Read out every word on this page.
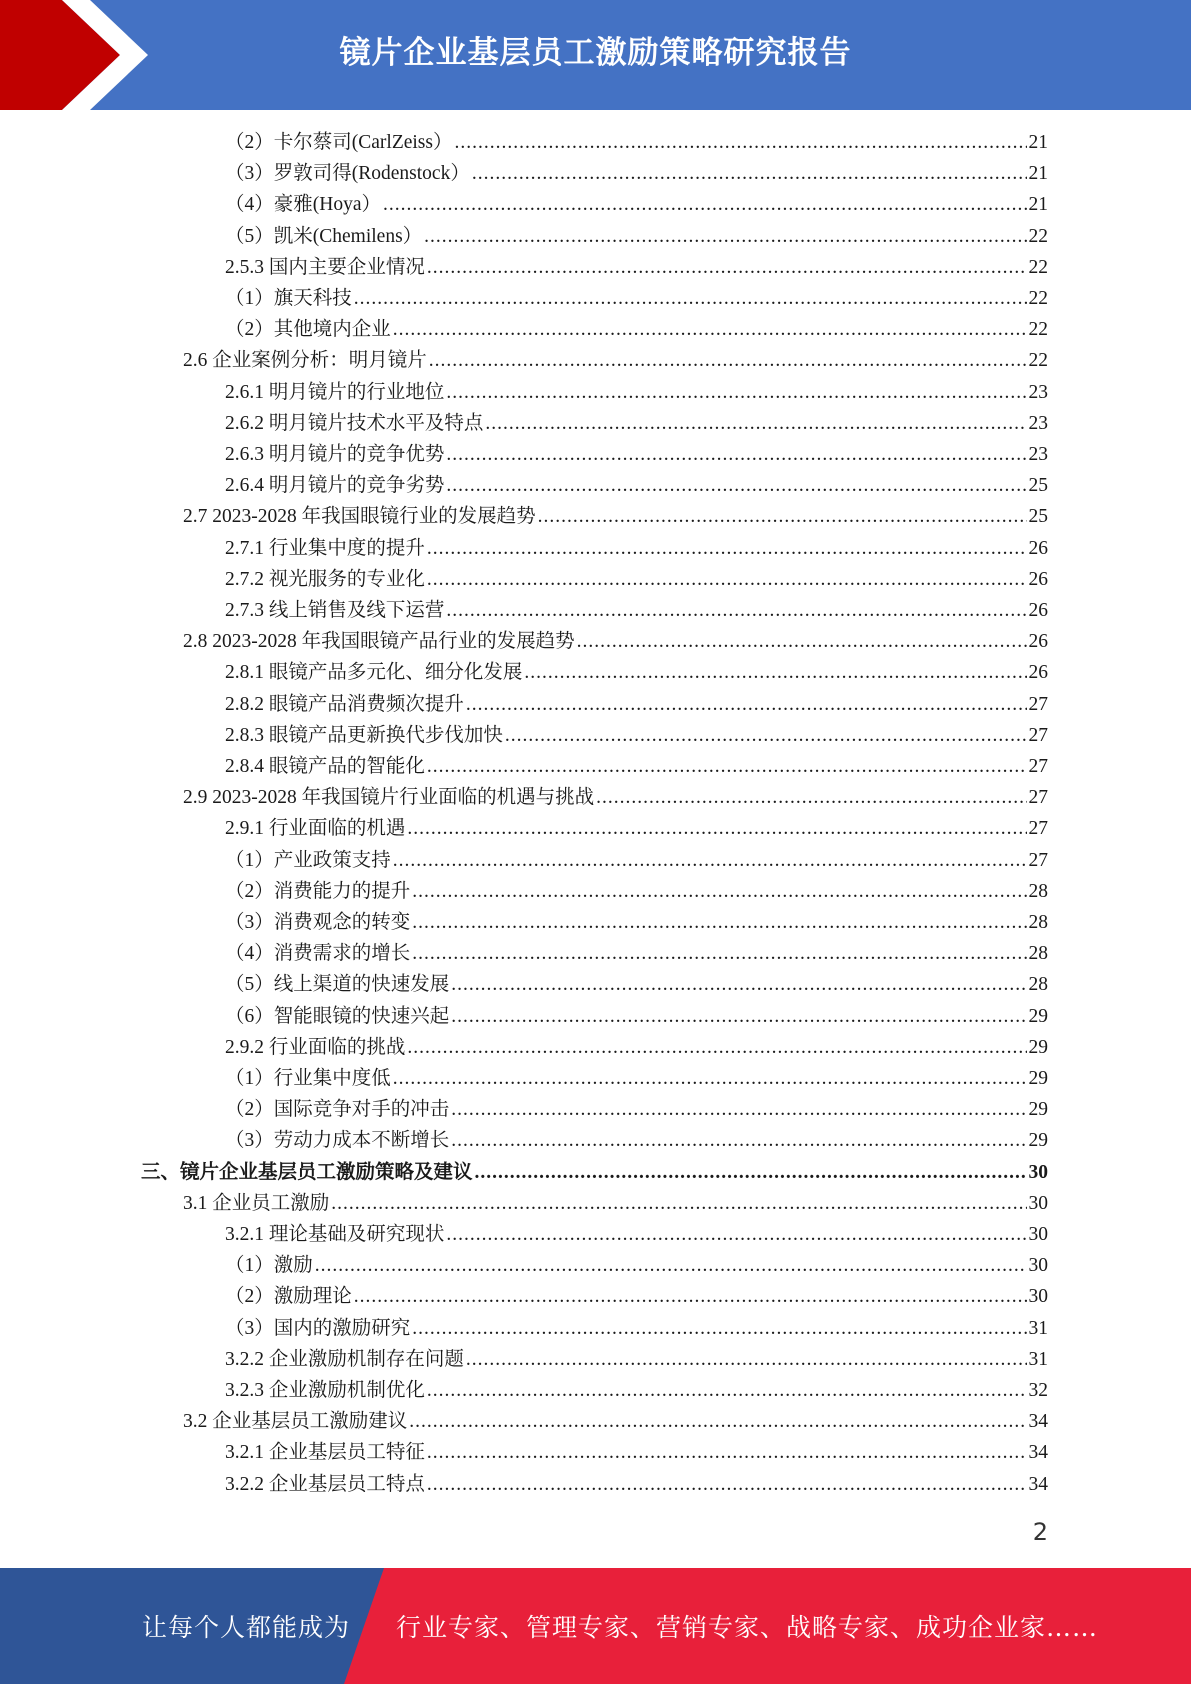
镜片企业基层员工激励策略研究报告
（2）卡尔蔡司(CarlZeiss） .....	21
（3）罗敦司得(Rodenstock） .....	21
（4）豪雅(Hoya） .....	21
（5）凯米(Chemilens） .....	22
2.5.3 国内主要企业情况 .....	22
（1）旗天科技 .....	22
（2）其他境内企业 .....	22
2.6 企业案例分析：明月镜片 .....	22
2.6.1 明月镜片的行业地位 .....	23
2.6.2 明月镜片技术水平及特点 .....	23
2.6.3 明月镜片的竞争优势 .....	23
2.6.4 明月镜片的竞争劣势 .....	25
2.7 2023-2028 年我国眼镜行业的发展趋势 .....	25
2.7.1 行业集中度的提升 .....	26
2.7.2 视光服务的专业化 .....	26
2.7.3 线上销售及线下运营 .....	26
2.8 2023-2028 年我国眼镜产品行业的发展趋势 .....	26
2.8.1 眼镜产品多元化、细分化发展 .....	26
2.8.2 眼镜产品消费频次提升 .....	27
2.8.3 眼镜产品更新换代步伐加快 .....	27
2.8.4 眼镜产品的智能化 .....	27
2.9 2023-2028 年我国镜片行业面临的机遇与挑战 .....	27
2.9.1 行业面临的机遇 .....	27
（1）产业政策支持 .....	27
（2）消费能力的提升 .....	28
（3）消费观念的转变 .....	28
（4）消费需求的增长 .....	28
（5）线上渠道的快速发展 .....	28
（6）智能眼镜的快速兴起 .....	29
2.9.2 行业面临的挑战 .....	29
（1）行业集中度低 .....	29
（2）国际竞争对手的冲击 .....	29
（3）劳动力成本不断增长 .....	29
三、镜片企业基层员工激励策略及建议 .....	30
3.1 企业员工激励 .....	30
3.2.1 理论基础及研究现状 .....	30
（1）激励 .....	30
（2）激励理论 .....	30
（3）国内的激励研究 .....	31
3.2.2 企业激励机制存在问题 .....	31
3.2.3 企业激励机制优化 .....	32
3.2 企业基层员工激励建议 .....	34
3.2.1 企业基层员工特征 .....	34
3.2.2 企业基层员工特点 .....	34
2
让每个人都能成为 行业专家、管理专家、营销专家、战略专家、成功企业家……
